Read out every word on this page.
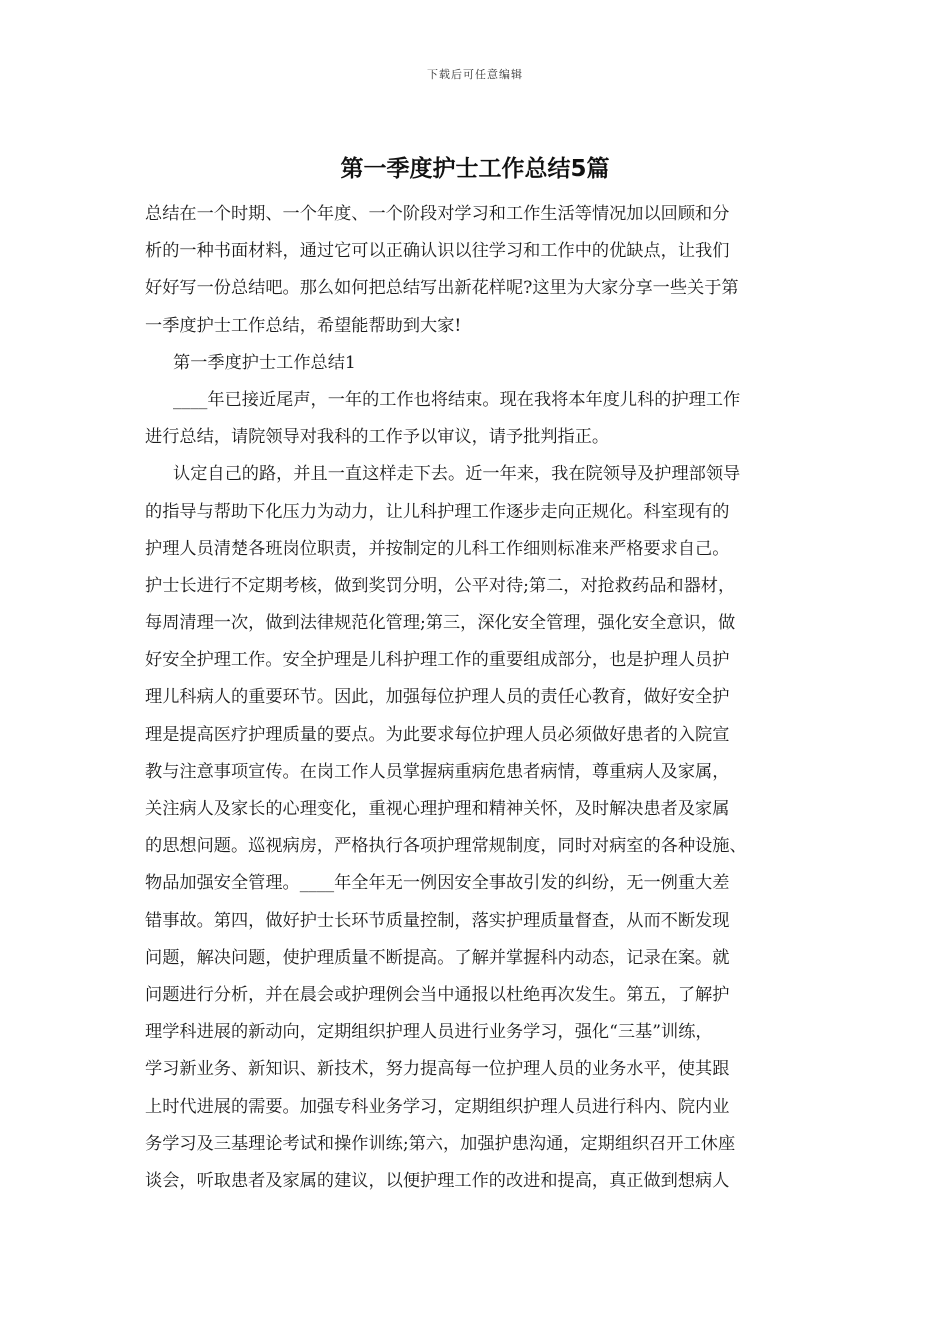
下载后可任意编辑
第一季度护士工作总结5篇
总结在一个时期、一个年度、一个阶段对学习和工作生活等情况加以回顾和分
析的一种书面材料，通过它可以正确认识以往学习和工作中的优缺点，让我们
好好写一份总结吧。那么如何把总结写出新花样呢?这里为大家分享一些关于第
一季度护士工作总结，希望能帮助到大家!
第一季度护士工作总结1
____年已接近尾声，一年的工作也将结束。现在我将本年度儿科的护理工作
进行总结，请院领导对我科的工作予以审议，请予批判指正。
认定自己的路，并且一直这样走下去。近一年来，我在院领导及护理部领导
的指导与帮助下化压力为动力，让儿科护理工作逐步走向正规化。科室现有的
护理人员清楚各班岗位职责，并按制定的儿科工作细则标准来严格要求自己。
护士长进行不定期考核，做到奖罚分明，公平对待;第二，对抢救药品和器材，
每周清理一次，做到法律规范化管理;第三，深化安全管理，强化安全意识，做
好安全护理工作。安全护理是儿科护理工作的重要组成部分，也是护理人员护
理儿科病人的重要环节。因此，加强每位护理人员的责任心教育，做好安全护
理是提高医疗护理质量的要点。为此要求每位护理人员必须做好患者的入院宣
教与注意事项宣传。在岗工作人员掌握病重病危患者病情，尊重病人及家属，
关注病人及家长的心理变化，重视心理护理和精神关怀，及时解决患者及家属
的思想问题。巡视病房，严格执行各项护理常规制度，同时对病室的各种设施、
物品加强安全管理。____年全年无一例因安全事故引发的纠纷，无一例重大差
错事故。第四，做好护士长环节质量控制，落实护理质量督查，从而不断发现
问题，解决问题，使护理质量不断提高。了解并掌握科内动态，记录在案。就
问题进行分析，并在晨会或护理例会当中通报以杜绝再次发生。第五，了解护
理学科进展的新动向，定期组织护理人员进行业务学习，强化“三基”训练，
学习新业务、新知识、新技术，努力提高每一位护理人员的业务水平，使其跟
上时代进展的需要。加强专科业务学习，定期组织护理人员进行科内、院内业
务学习及三基理论考试和操作训练;第六，加强护患沟通，定期组织召开工休座
谈会，听取患者及家属的建议，以便护理工作的改进和提高，真正做到想病人
